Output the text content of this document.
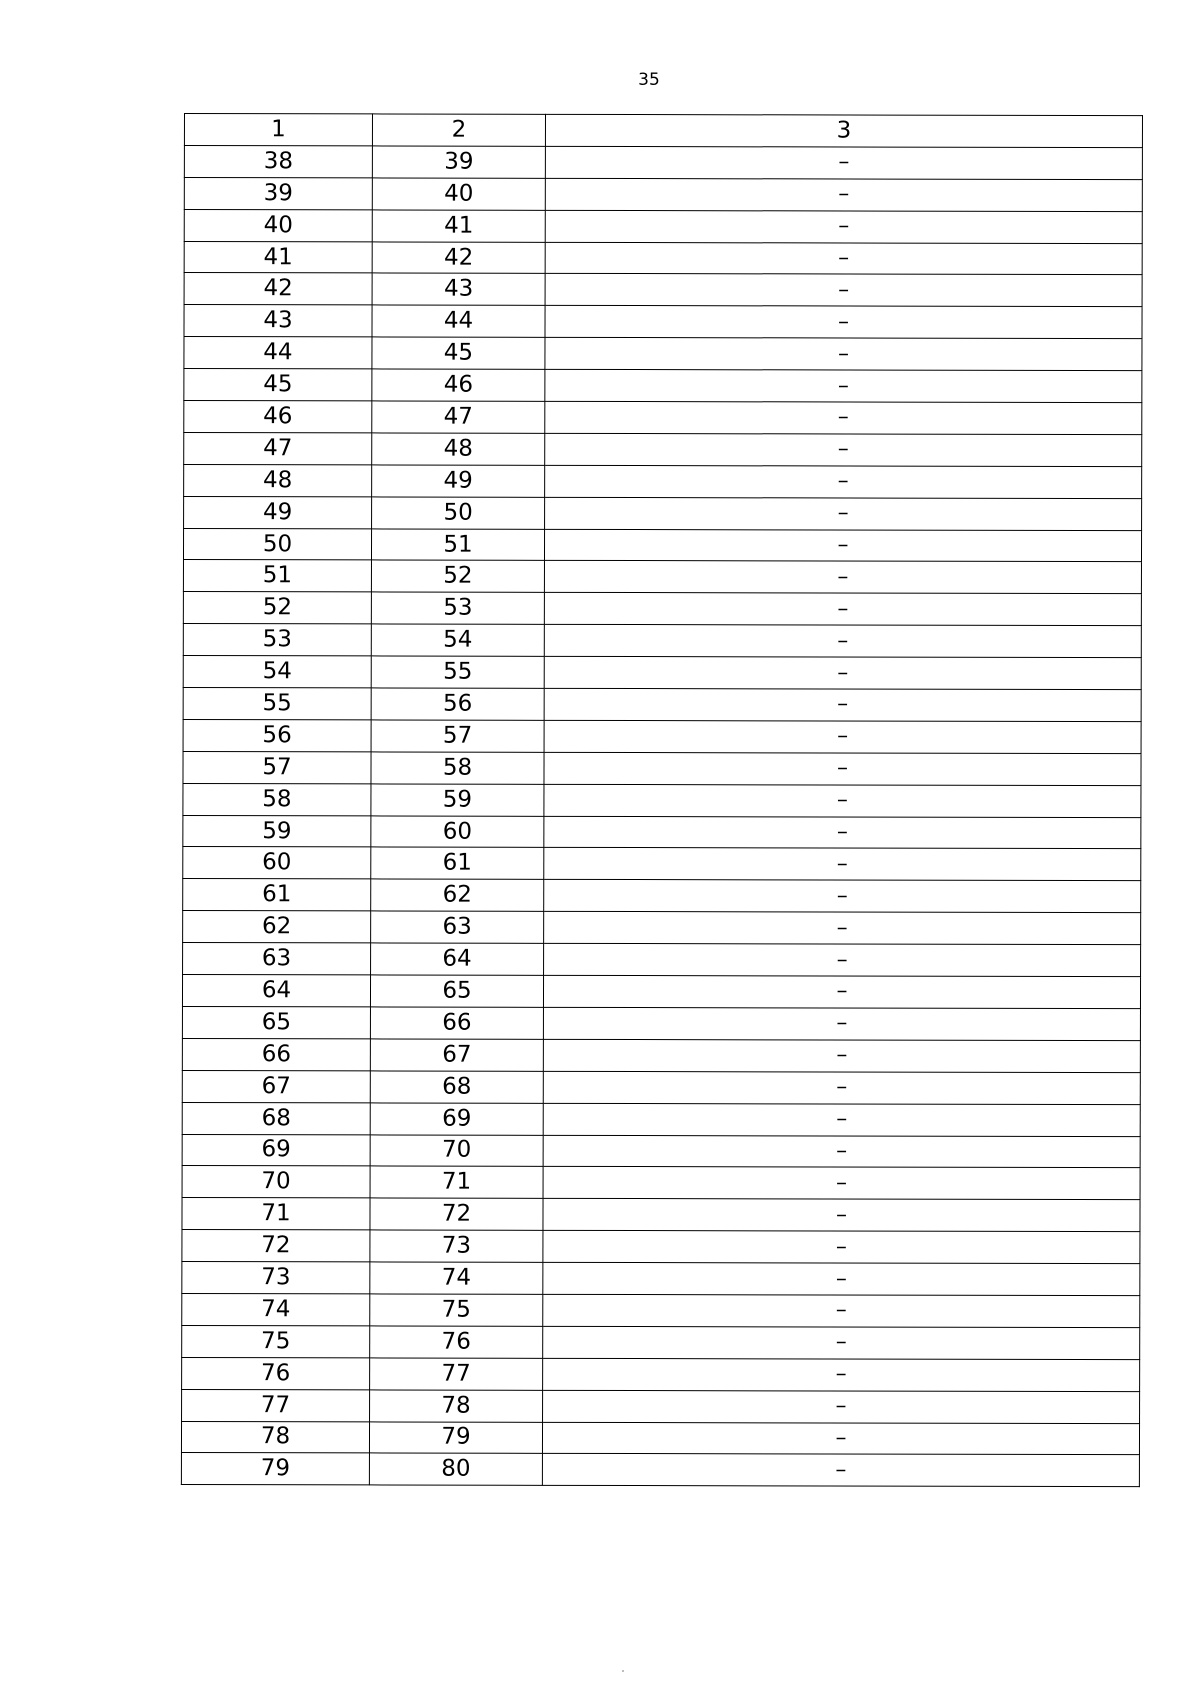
35
1	2	3
38	39	–
39	40	–
40	41	–
41	42	–
42	43	–
43	44	–
44	45	–
45	46	–
46	47	–
47	48	–
48	49	–
49	50	–
50	51	–
51	52	–
52	53	–
53	54	–
54	55	–
55	56	–
56	57	–
57	58	–
58	59	–
59	60	–
60	61	–
61	62	–
62	63	–
63	64	–
64	65	–
65	66	–
66	67	–
67	68	–
68	69	–
69	70	–
70	71	–
71	72	–
72	73	–
73	74	–
74	75	–
75	76	–
76	77	–
77	78	–
78	79	–
79	80	–
